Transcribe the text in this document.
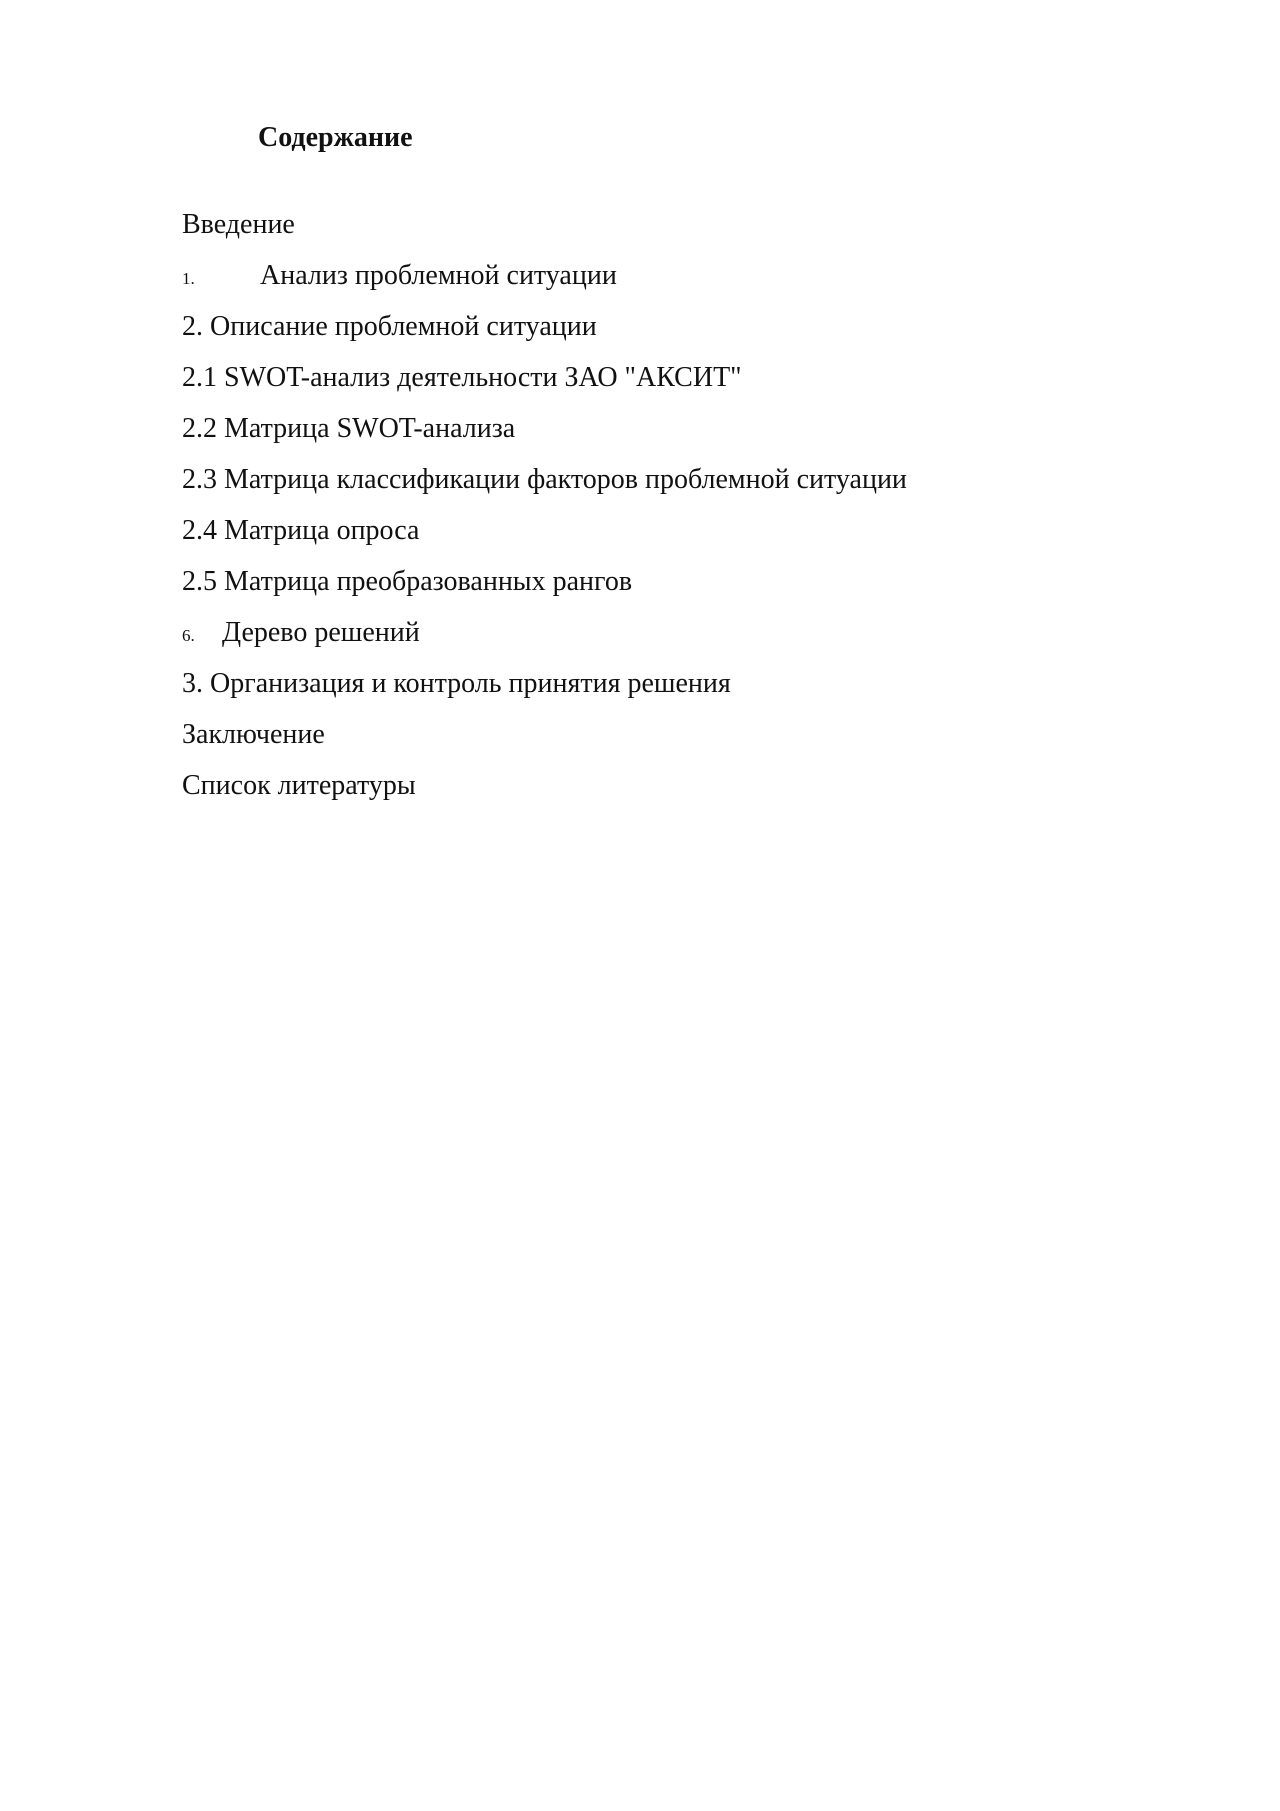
Содержание
Введение
1.	Анализ проблемной ситуации
2. Описание проблемной ситуации
2.1 SWOT-анализ деятельности ЗАО "АКСИТ"
2.2 Матрица SWOT-анализа
2.3 Матрица классификации факторов проблемной ситуации
2.4 Матрица опроса
2.5 Матрица преобразованных рангов
6. Дерево решений
3. Организация и контроль принятия решения
Заключение
Список литературы
